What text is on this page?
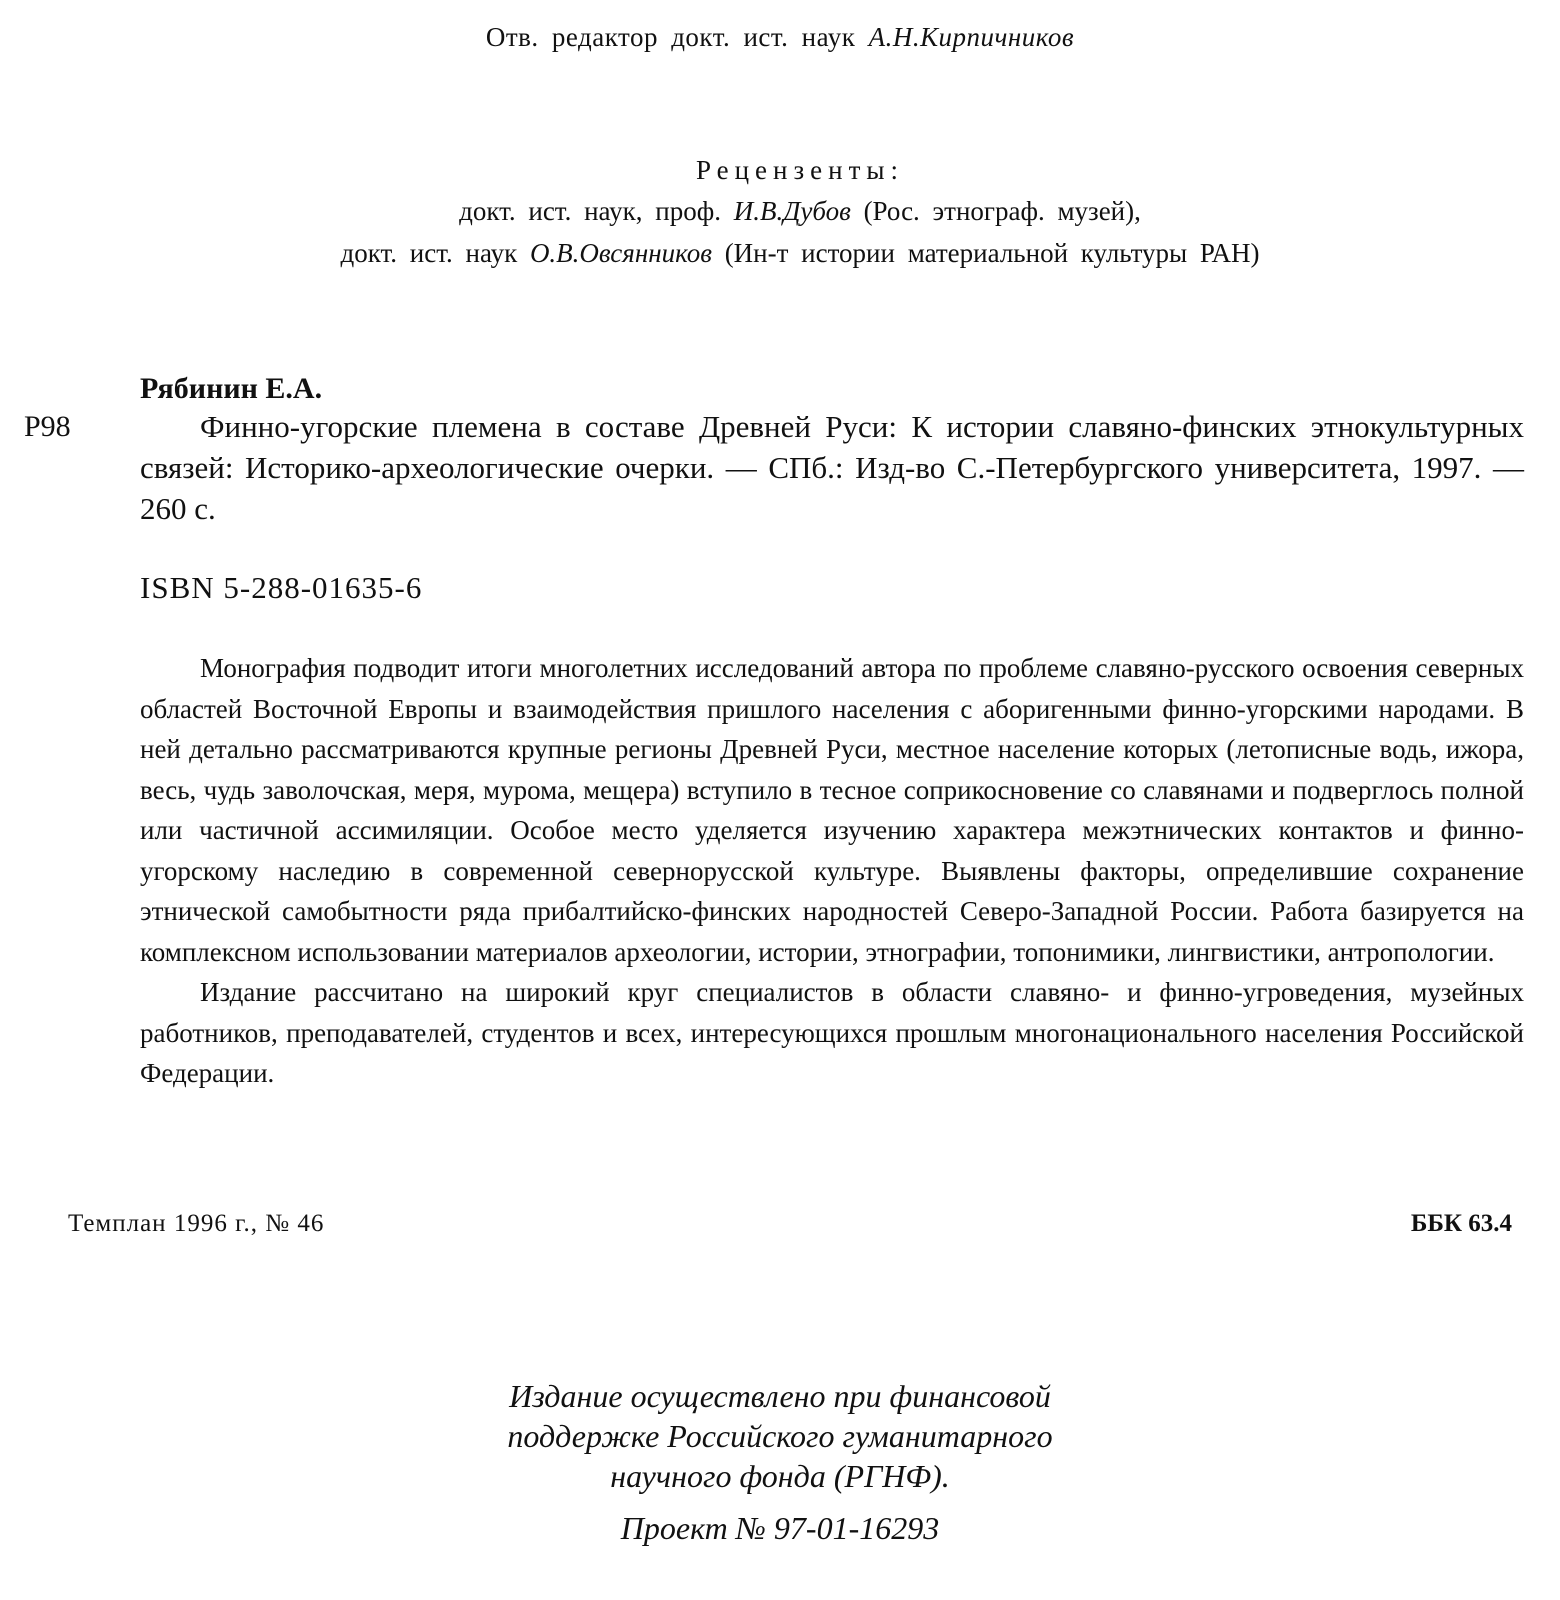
Отв. редактор докт. ист. наук А.Н.Кирпичников
Рецензенты:
докт. ист. наук, проф. И.В.Дубов (Рос. этнограф. музей),
докт. ист. наук О.В.Овсянников (Ин-т истории материальной культуры РАН)
Рябинин Е.А.
Р98	Финно-угорские племена в составе Древней Руси: К истории славяно-финских этнокультурных связей: Историко-археологические очерки. — СПб.: Изд-во С.-Петербургского университета, 1997. — 260 с.
ISBN 5-288-01635-6

Монография подводит итоги многолетних исследований автора по проблеме славяно-русского освоения северных областей Восточной Европы и взаимодействия пришлого населения с аборигенными финно-угорскими народами. В ней детально рассматриваются крупные регионы Древней Руси, местное население которых (летописные водь, ижора, весь, чудь заволочская, меря, мурома, мещера) вступило в тесное соприкосновение со славянами и подверглось полной или частичной ассимиляции. Особое место уделяется изучению характера межэтнических контактов и финно-угорскому наследию в современной севернорусской культуре. Выявлены факторы, определившие сохранение этнической самобытности ряда прибалтийско-финских народностей Северо-Западной России. Работа базируется на комплексном использовании материалов археологии, истории, этнографии, топонимики, лингвистики, антропологии.

Издание рассчитано на широкий круг специалистов в области славяно- и финно-угроведения, музейных работников, преподавателей, студентов и всех, интересующихся прошлым многонационального населения Российской Федерации.

Темплан 1996 г., № 46	ББК 63.4
Издание осуществлено при финансовой
поддержке Российского гуманитарного
научного фонда (РГНФ).
Проект № 97-01-16293
